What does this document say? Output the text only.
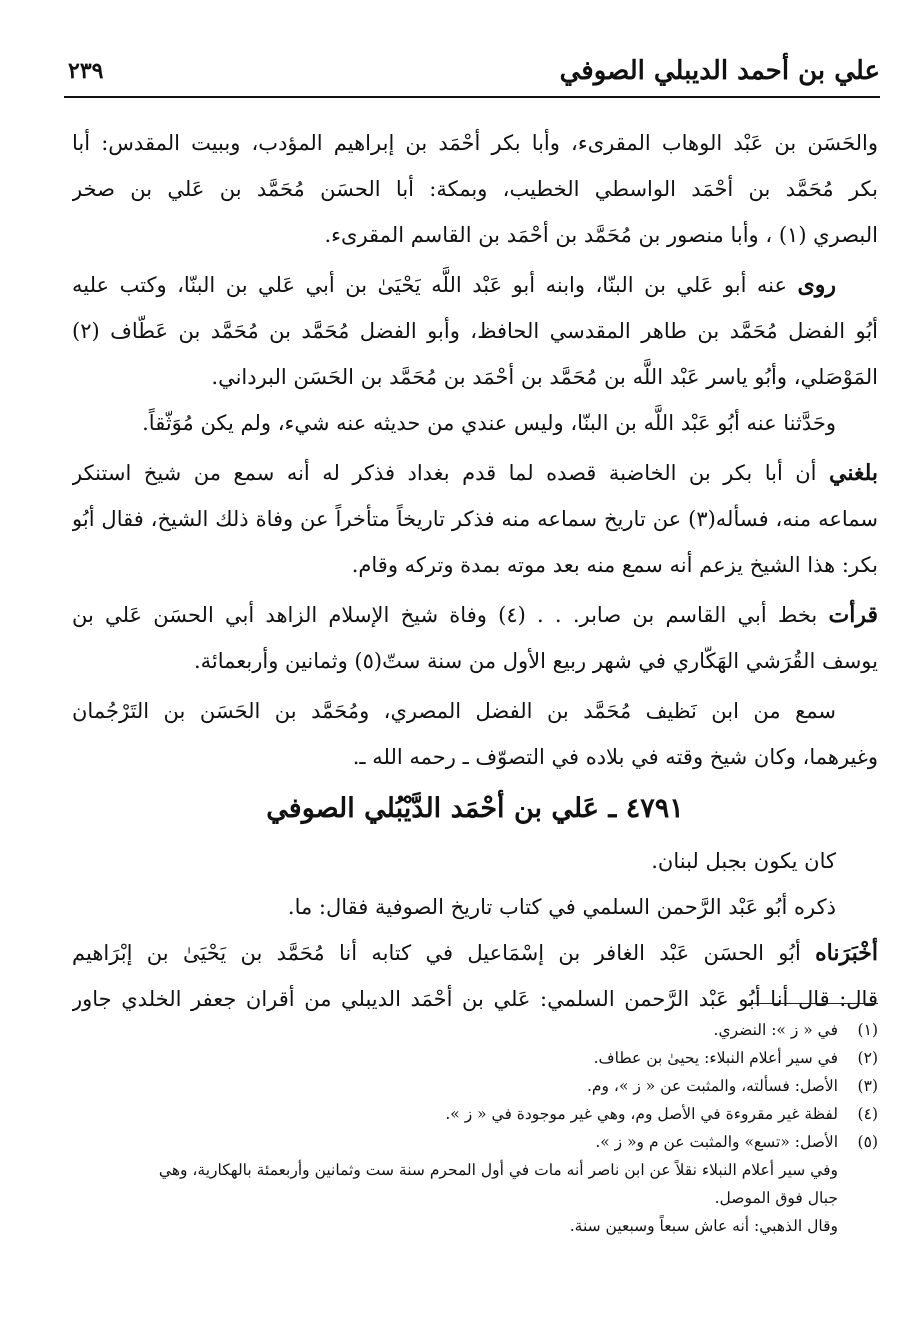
علي بن أحمد الديبلي الصوفي
٢٣٩
والحَسَن بن عَبْد الوهاب المقرىء، وأبا بكر أحْمَد بن إبراهيم المؤدب، وببيت المقدس: أبا
بكر مُحَمَّد بن أحْمَد الواسطي الخطيب، وبمكة: أبا الحسَن مُحَمَّد بن عَلي بن صخر
البصري (١) ، وأبا منصور بن مُحَمَّد بن أحْمَد بن القاسم المقرىء.
روى عنه أبو عَلي بن البنّا، وابنه أبو عَبْد اللَّه يَحْيَىٰ بن أبي عَلي بن البنّا، وكتب عليه
أبُو الفضل مُحَمَّد بن طاهر المقدسي الحافظ، وأبو الفضل مُحَمَّد بن مُحَمَّد بن عَطّاف (٢)
المَوْصَلي، وأبُو ياسر عَبْد اللَّه بن مُحَمَّد بن أحْمَد بن مُحَمَّد بن الحَسَن البرداني.
وحَدَّثنا عنه أبُو عَبْد اللَّه بن البنّا، وليس عندي من حديثه عنه شيء، ولم يكن مُوَثّقاً.
بلغني أن أبا بكر بن الخاضبة قصده لما قدم بغداد فذكر له أنه سمع من شيخ استنكر
سماعه منه، فسأله(٣) عن تاريخ سماعه منه فذكر تاريخاً متأخراً عن وفاة ذلك الشيخ، فقال أبُو
بكر: هذا الشيخ يزعم أنه سمع منه بعد موته بمدة وتركه وقام.
قرأت بخط أبي القاسم بن صابر. . . (٤) وفاة شيخ الإسلام الزاهد أبي الحسَن عَلي بن
يوسف القُرَشي الهَكّاري في شهر ربيع الأول من سنة ستّ(٥) وثمانين وأربعمائة.
سمع من ابن نَظيف مُحَمَّد بن الفضل المصري، ومُحَمَّد بن الحَسَن بن التَرْجُمان
وغيرهما، وكان شيخ وقته في بلاده في التصوّف ـ رحمه الله ـ.
٤٧٩١ ـ عَلي بن أحْمَد الدَّيْبُلي الصوفي
كان يكون بجبل لبنان.
ذكره أبُو عَبْد الرَّحمن السلمي في كتاب تاريخ الصوفية فقال: ما.
أخْبَرَناه أبُو الحسَن عَبْد الغافر بن إسْمَاعيل في كتابه أنا مُحَمَّد بن يَحْيَىٰ بن إبْرَاهيم
قال: قال أنا أبُو عَبْد الرَّحمن السلمي: عَلي بن أحْمَد الديبلي من أقران جعفر الخلدي جاور
(١)في « ز »: النضري.
(٢)في سير أعلام النبلاء: يحيىٰ بن عطاف.
(٣)الأصل: فسألته، والمثبت عن « ز »، وم.
(٤)لفظة غير مقروءة في الأصل وم، وهي غير موجودة في « ز ».
(٥)الأصل: «تسع» والمثبت عن م و« ز ».
وفي سير أعلام النبلاء نقلاً عن ابن ناصر أنه مات في أول المحرم سنة ست وثمانين وأربعمئة بالهكارية، وهي
جبال فوق الموصل.
وقال الذهبي: أنه عاش سبعاً وسبعين سنة.
